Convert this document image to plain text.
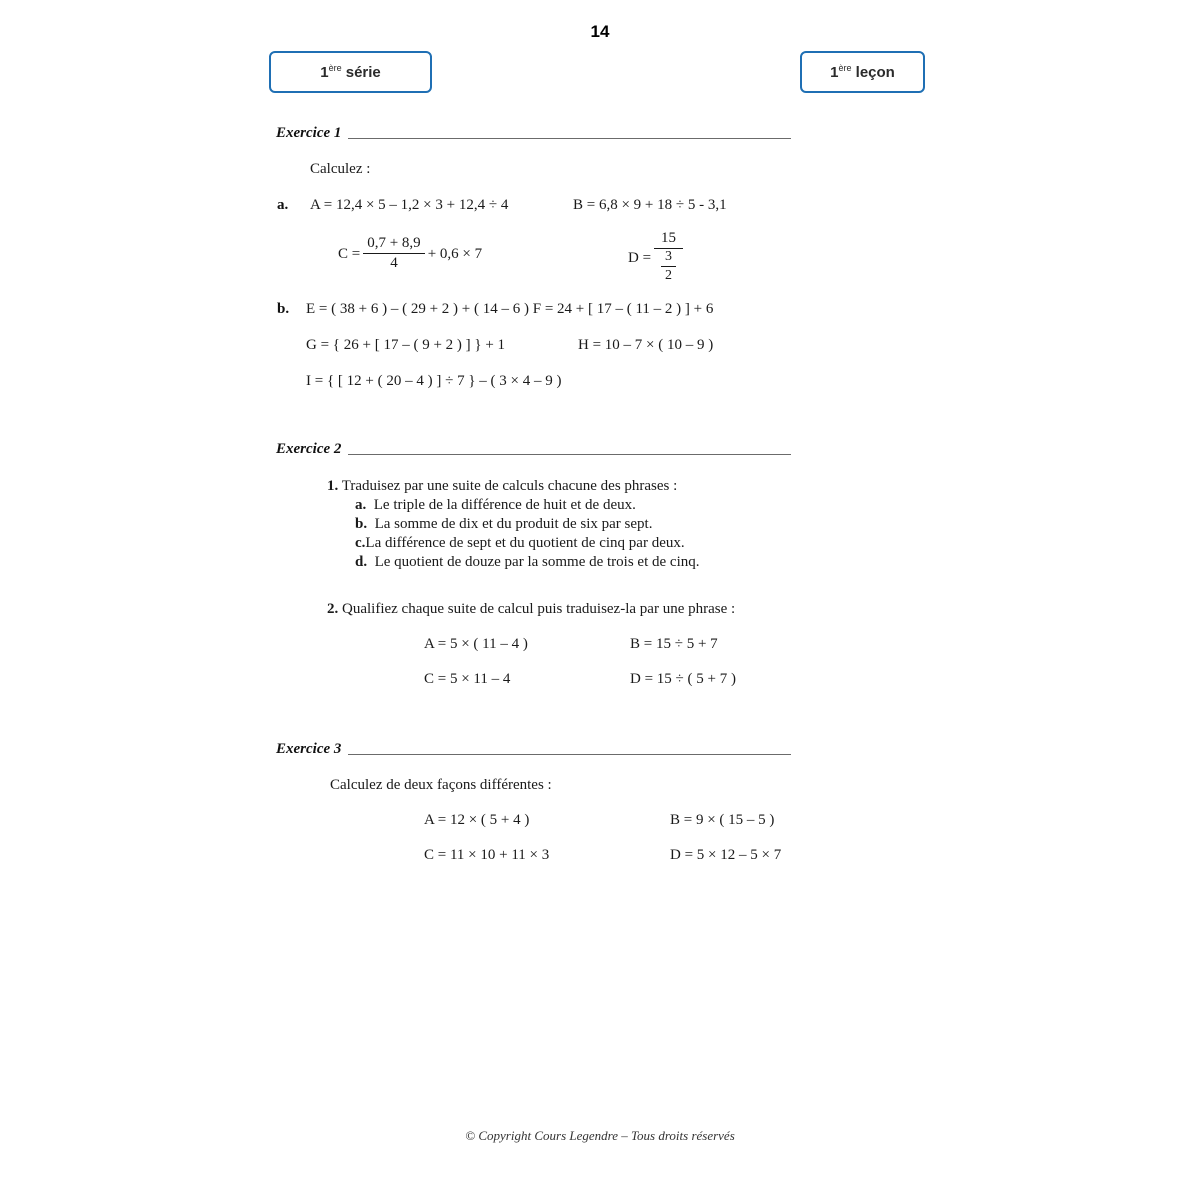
14
1ère série	1ère leçon
Exercice 1
Calculez :
a. A = 12,4 × 5 – 1,2 × 3 + 12,4 ÷ 4	B = 6,8 × 9 + 18 ÷ 5 - 3,1
$C = \frac{0,7 + 8,9}{4} + 0,6 \times 7$	$D = \frac{15}{\frac{3}{2}}$
b. E = ( 38 + 6 ) – ( 29 + 2 ) + ( 14 – 6 ) F = 24 + [ 17 – ( 11 – 2 ) ] + 6
G = { 26 + [ 17 – ( 9 + 2 ) ] } + 1	H = 10 – 7 × ( 10 – 9 )
I = { [ 12 + ( 20 – 4 ) ] ÷ 7 } – ( 3 × 4 – 9 )
Exercice 2
1. Traduisez par une suite de calculs chacune des phrases :
a. Le triple de la différence de huit et de deux.
b. La somme de dix et du produit de six par sept.
c.La différence de sept et du quotient de cinq par deux.
d. Le quotient de douze par la somme de trois et de cinq.
2. Qualifiez chaque suite de calcul puis traduisez-la par une phrase :
A = 5 × ( 11 – 4 )	B = 15 ÷ 5 + 7
C = 5 × 11 – 4	D = 15 ÷ ( 5 + 7 )
Exercice 3
Calculez de deux façons différentes :
A = 12 × ( 5 + 4 )	B = 9 × ( 15 – 5 )
C = 11 × 10 + 11 × 3	D = 5 × 12 – 5 × 7
© Copyright Cours Legendre – Tous droits réservés
